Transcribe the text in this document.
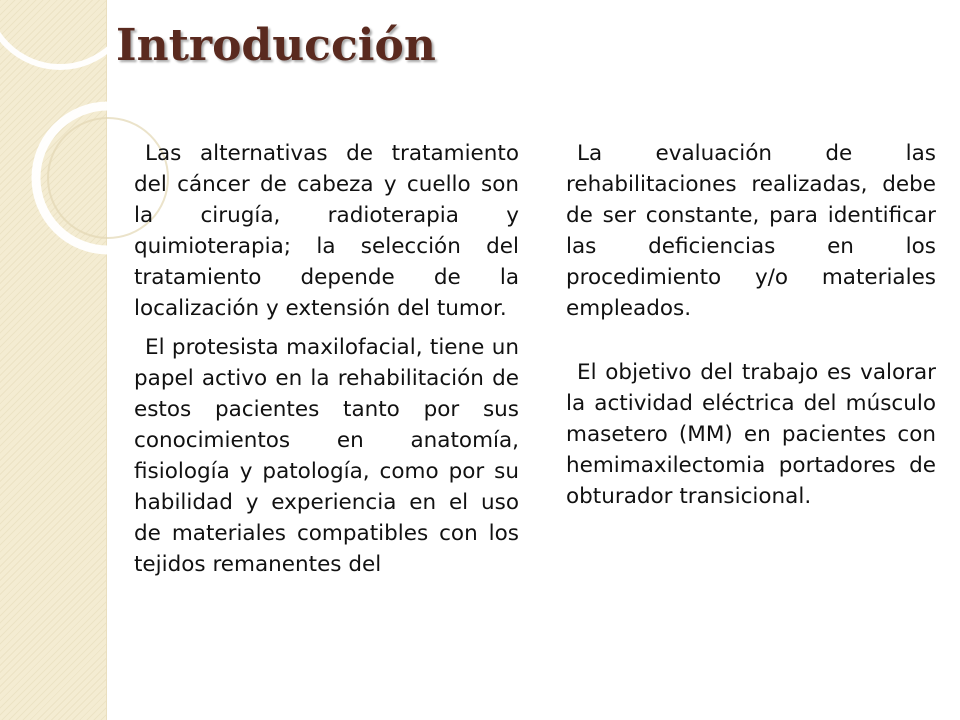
Introducción

Las alternativas de tratamiento del cáncer de cabeza y cuello son la cirugía, radioterapia y quimioterapia; la selección del tratamiento depende de la localización y extensión del tumor.

El protesista maxilofacial, tiene un papel activo en la rehabilitación de estos pacientes tanto por sus conocimientos en anatomía, fisiología y patología, como por su habilidad y experiencia en el uso de materiales compatibles con los tejidos remanentes del

La evaluación de las rehabilitaciones realizadas, debe de ser constante, para identificar las deficiencias en los procedimiento y/o materiales empleados.

El objetivo del trabajo es valorar la actividad eléctrica del músculo masetero (MM) en pacientes con hemimaxilectomia portadores de obturador transicional.
